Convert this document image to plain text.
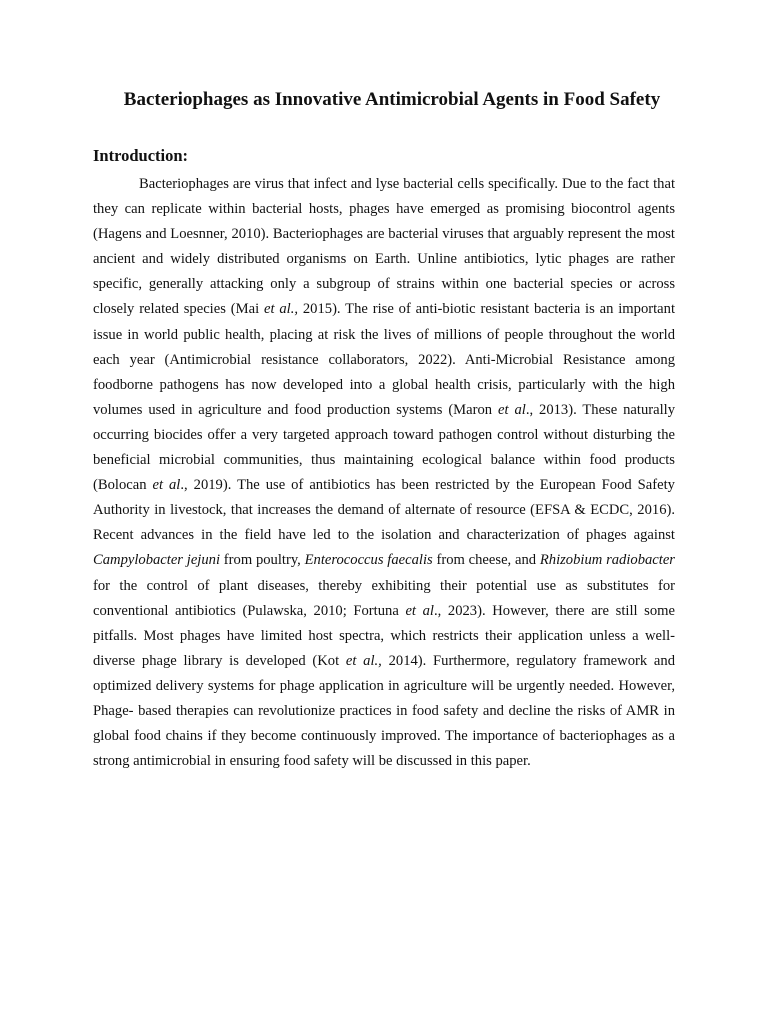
Bacteriophages as Innovative Antimicrobial Agents in Food Safety
Introduction:

Bacteriophages are virus that infect and lyse bacterial cells specifically. Due to the fact that they can replicate within bacterial hosts, phages have emerged as promising biocontrol agents (Hagens and Loesnner, 2010). Bacteriophages are bacterial viruses that arguably represent the most ancient and widely distributed organisms on Earth. Unline antibiotics, lytic phages are rather specific, generally attacking only a subgroup of strains within one bacterial species or across closely related species (Mai et al., 2015). The rise of anti-biotic resistant bacteria is an important issue in world public health, placing at risk the lives of millions of people throughout the world each year (Antimicrobial resistance collaborators, 2022). Anti-Microbial Resistance among foodborne pathogens has now developed into a global health crisis, particularly with the high volumes used in agriculture and food production systems (Maron et al., 2013). These naturally occurring biocides offer a very targeted approach toward pathogen control without disturbing the beneficial microbial communities, thus maintaining ecological balance within food products (Bolocan et al., 2019). The use of antibiotics has been restricted by the European Food Safety Authority in livestock, that increases the demand of alternate of resource (EFSA & ECDC, 2016). Recent advances in the field have led to the isolation and characterization of phages against Campylobacter jejuni from poultry, Enterococcus faecalis from cheese, and Rhizobium radiobacter for the control of plant diseases, thereby exhibiting their potential use as substitutes for conventional antibiotics (Pulawska, 2010; Fortuna et al., 2023). However, there are still some pitfalls. Most phages have limited host spectra, which restricts their application unless a well-diverse phage library is developed (Kot et al., 2014). Furthermore, regulatory framework and optimized delivery systems for phage application in agriculture will be urgently needed. However, Phage- based therapies can revolutionize practices in food safety and decline the risks of AMR in global food chains if they become continuously improved. The importance of bacteriophages as a strong antimicrobial in ensuring food safety will be discussed in this paper.
